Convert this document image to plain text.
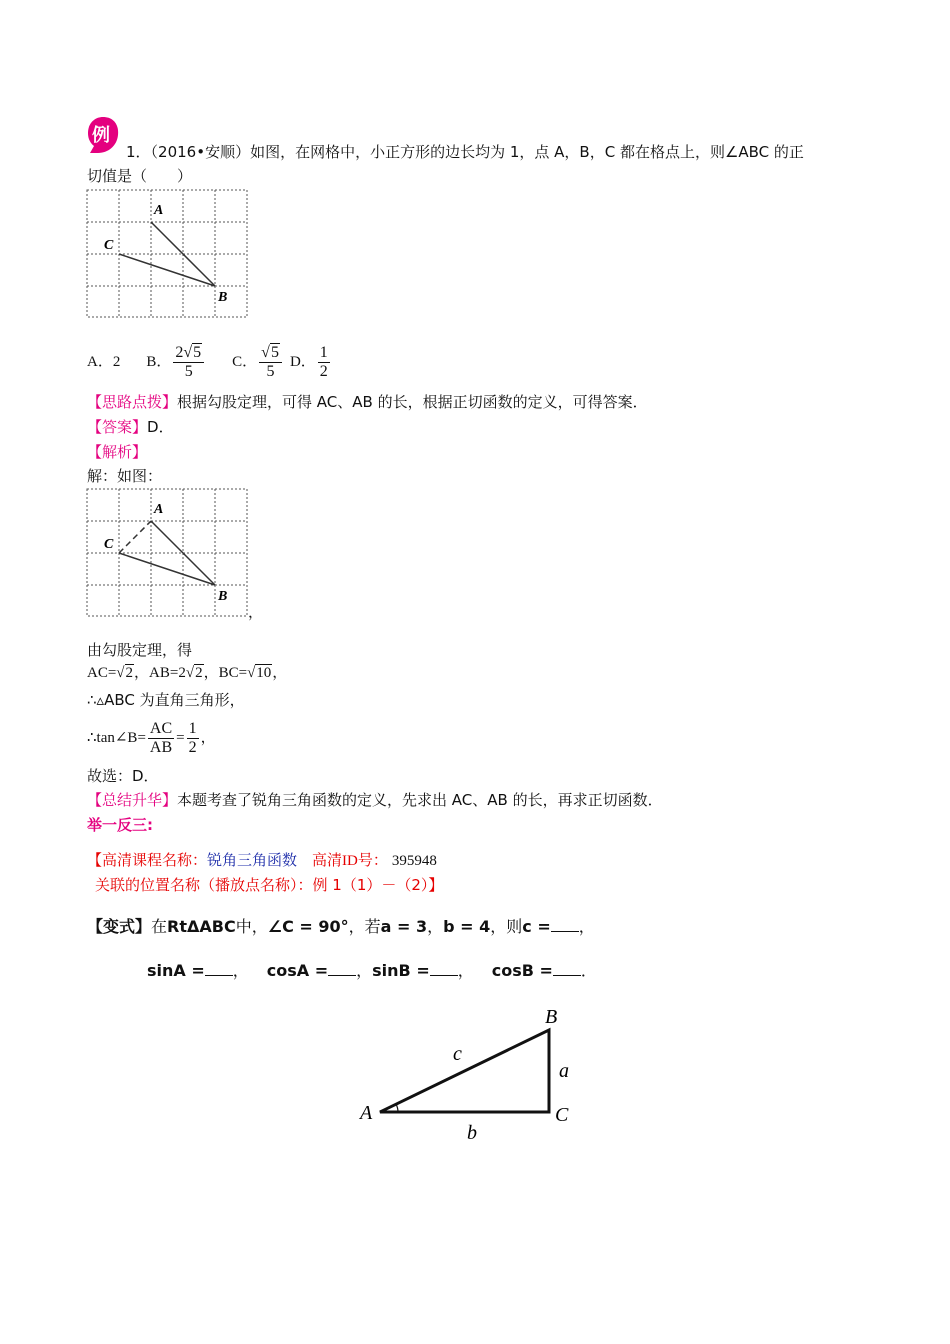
例
1．（2016•安顺）如图，在网格中，小正方形的边长均为 1，点 A，B，C 都在格点上，则∠ABC 的正
切值是（　　）
A
C
B
A．2 B． $\frac{2√5}{5}$ C． $\frac{√5}{5}$ D． $\frac{1}{2}$
【思路点拨】根据勾股定理，可得 AC、AB 的长，根据正切函数的定义，可得答案．
【答案】D．
【解析】
解：如图：
A
C
B
，
由勾股定理，得
AC=√2，AB=2√2，BC=√10，
∴▵ABC 为直角三角形，
∴tan∠B= $\frac{AC}{AB} = \frac{1}{2}$ ，
故选：D．
【总结升华】本题考查了锐角三角函数的定义，先求出 AC、AB 的长，再求正切函数．
举一反三:
【高清课程名称：锐角三角函数　高清ID号： 395948
关联的位置名称（播放点名称）：例 1（1）－（2）】
【变式】在RtΔABC中，∠C = 90°，若a = 3，b = 4，则c = ，
sinA = ， cosA = ，sinB = ， cosB = ．
A
B
C
a
b
c
